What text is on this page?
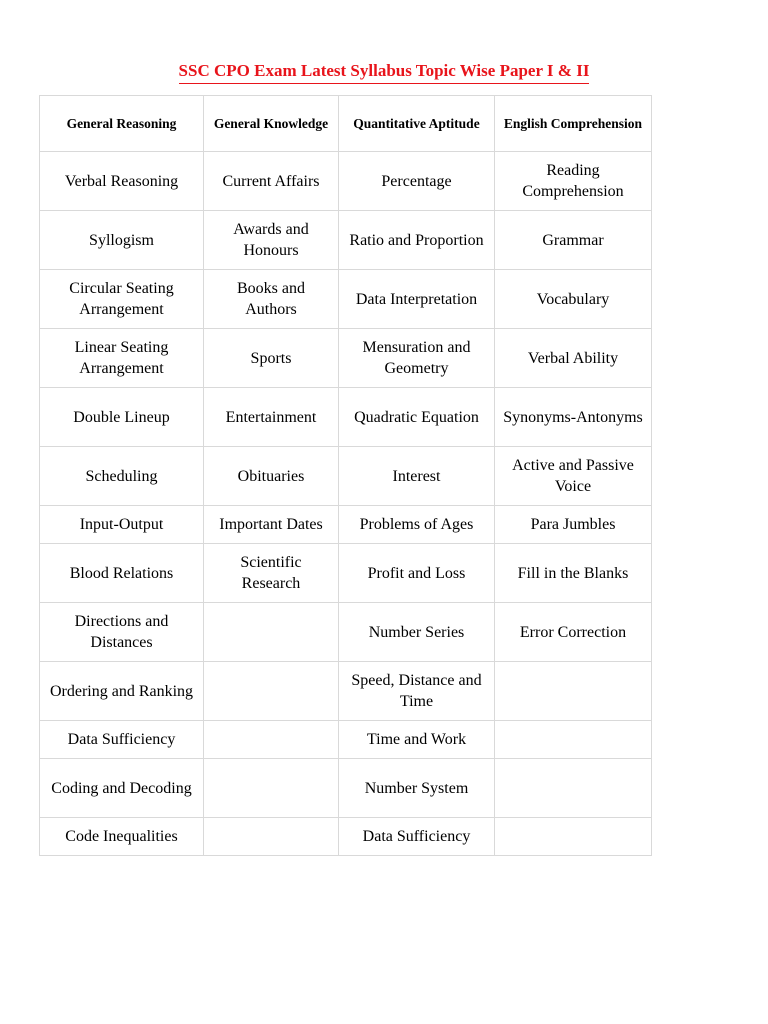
SSC CPO Exam Latest Syllabus Topic Wise Paper I & II
General Reasoning	General Knowledge	Quantitative Aptitude	English Comprehension
Verbal Reasoning	Current Affairs	Percentage	Reading Comprehension
Syllogism	Awards and Honours	Ratio and Proportion	Grammar
Circular Seating Arrangement	Books and Authors	Data Interpretation	Vocabulary
Linear Seating Arrangement	Sports	Mensuration and Geometry	Verbal Ability
Double Lineup	Entertainment	Quadratic Equation	Synonyms-Antonyms
Scheduling	Obituaries	Interest	Active and Passive Voice
Input-Output	Important Dates	Problems of Ages	Para Jumbles
Blood Relations	Scientific Research	Profit and Loss	Fill in the Blanks
Directions and Distances		Number Series	Error Correction
Ordering and Ranking		Speed, Distance and Time	
Data Sufficiency		Time and Work	
Coding and Decoding		Number System	
Code Inequalities		Data Sufficiency	
